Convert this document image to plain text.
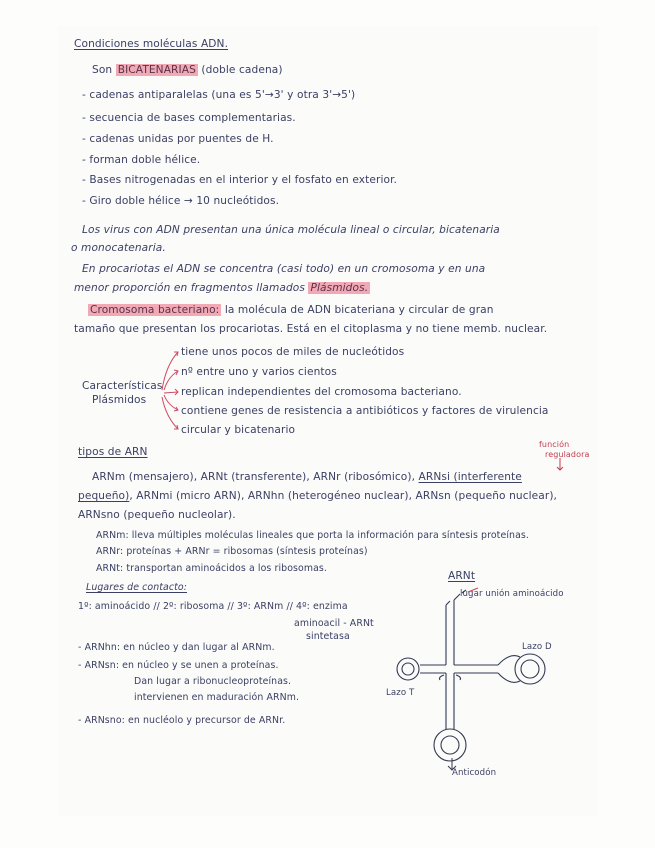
Condiciones moléculas ADN.
Son BICATENARIAS (doble cadena)
- cadenas antiparalelas (una es 5'→3' y otra 3'→5')
- secuencia de bases complementarias.
- cadenas unidas por puentes de H.
- forman doble hélice.
- Bases nitrogenadas en el interior y el fosfato en exterior.
- Giro doble hélice → 10 nucleótidos.
Los virus con ADN presentan una única molécula lineal o circular, bicatenaria
o monocatenaria.
En procariotas el ADN se concentra (casi todo) en un cromosoma y en una
menor proporción en fragmentos llamados Plásmidos.
Cromosoma bacteriano: la molécula de ADN bicateriana y circular de gran
tamaño que presentan los procariotas. Está en el citoplasma y no tiene memb. nuclear.
Características
Plásmidos
tiene unos pocos de miles de nucleótidos
nº entre uno y varios cientos
replican independientes del cromosoma bacteriano.
contiene genes de resistencia a antibióticos y factores de virulencia
circular y bicatenario
tipos de ARN
función
reguladora
ARNm (mensajero), ARNt (transferente), ARNr (ribosómico), ARNsi (interferente
pequeño), ARNmi (micro ARN), ARNhn (heterogéneo nuclear), ARNsn (pequeño nuclear),
ARNsno (pequeño nucleolar).
ARNm: lleva múltiples moléculas lineales que porta la información para síntesis proteínas.
ARNr: proteínas + ARNr = ribosomas (síntesis proteínas)
ARNt: transportan aminoácidos a los ribosomas.
Lugares de contacto:
1º: aminoácido // 2º: ribosoma // 3º: ARNm // 4º: enzima
aminoacil - ARNt
sintetasa
- ARNhn: en núcleo y dan lugar al ARNm.
- ARNsn: en núcleo y se unen a proteínas.
Dan lugar a ribonucleoproteínas.
intervienen en maduración ARNm.
- ARNsno: en nucléolo y precursor de ARNr.
ARNt
lugar unión aminoácido
Lazo D
Lazo T
Anticodón
